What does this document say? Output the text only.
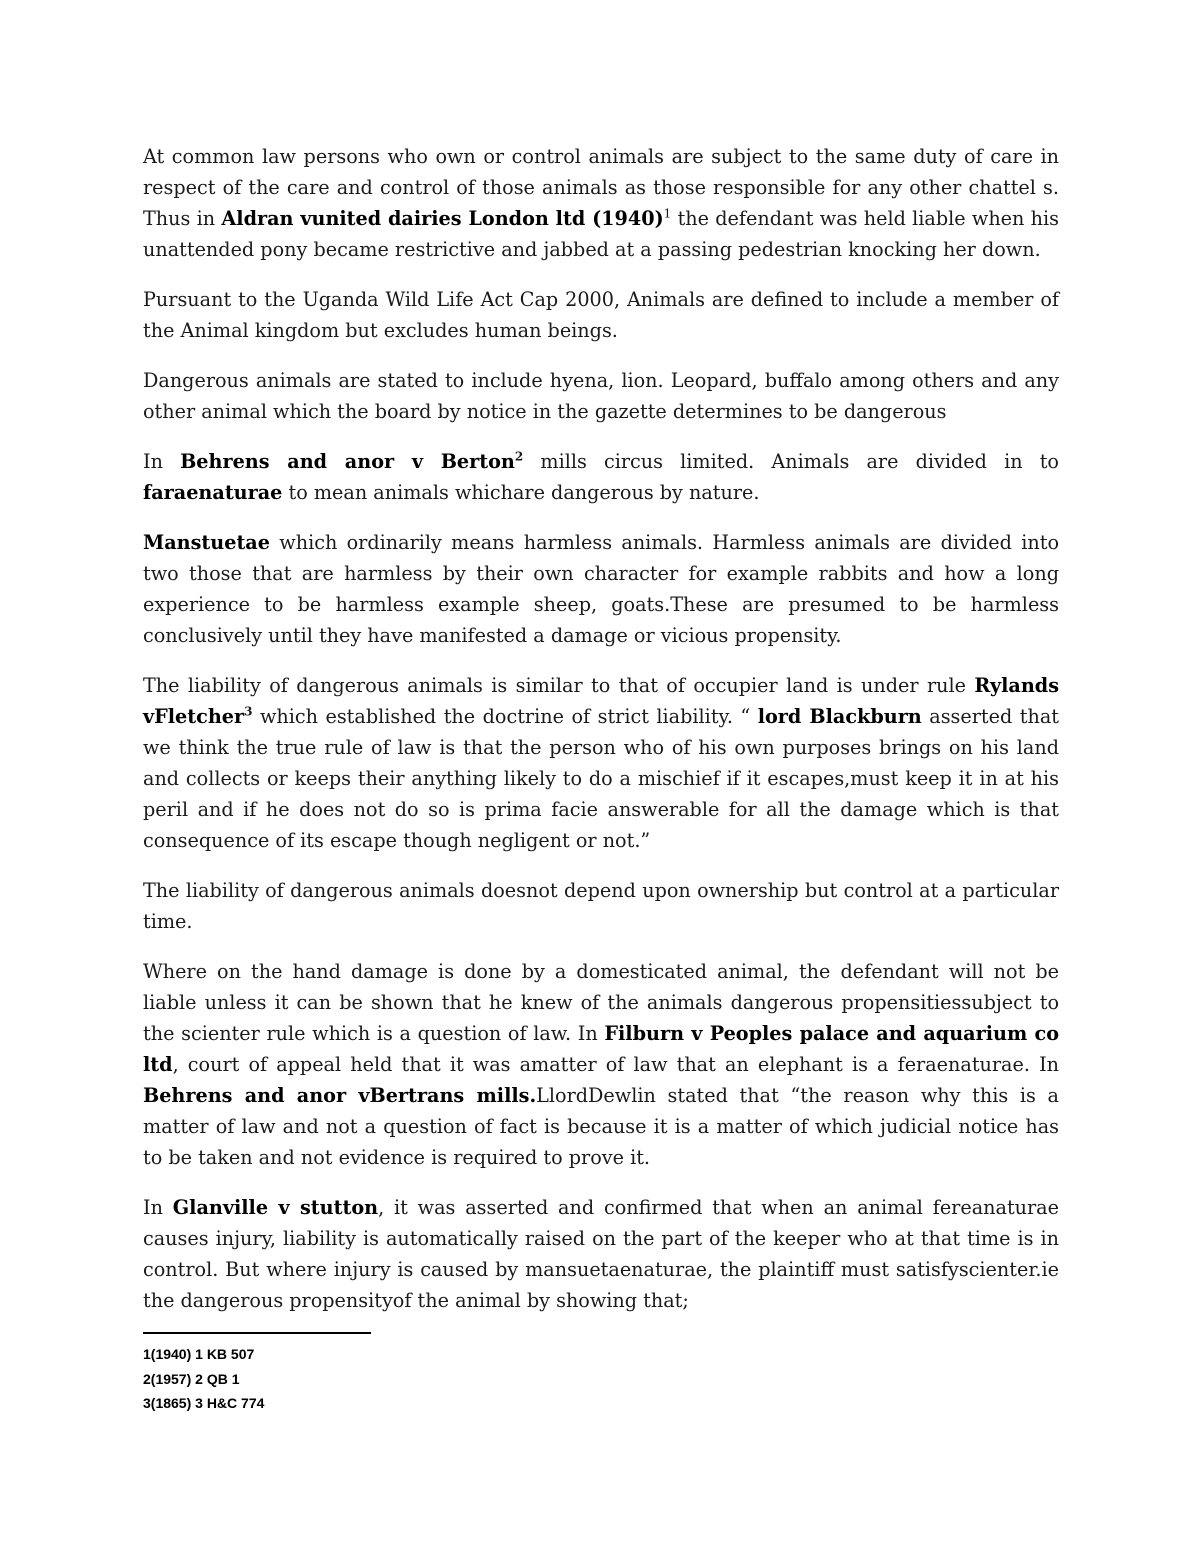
At common law persons who own or control animals are subject to the same duty of care in respect of the care and control of those animals as those responsible for any other chattel s. Thus in Aldran vunited dairies London ltd $(1940)^1$ the defendant was held liable when his unattended pony became restrictive and jabbed at a passing pedestrian knocking her down.

Pursuant to the Uganda Wild Life Act Cap 2000, Animals are defined to include a member of the Animal kingdom but excludes human beings.

Dangerous animals are stated to include hyena, lion. Leopard, buffalo among others and any other animal which the board by notice in the gazette determines to be dangerous

In Behrens and anor v Berton$^2$ mills circus limited. Animals are divided in to faraenaturae to mean animals whichare dangerous by nature.

Manstuetae which ordinarily means harmless animals. Harmless animals are divided into two those that are harmless by their own character for example rabbits and how a long experience to be harmless example sheep, goats.These are presumed to be harmless conclusively until they have manifested a damage or vicious propensity.

The liability of dangerous animals is similar to that of occupier land is under rule Rylands vFletcher$^3$ which established the doctrine of strict liability. “ lord Blackburn asserted that we think the true rule of law is that the person who of his own purposes brings on his land and collects or keeps their anything likely to do a mischief if it escapes,must keep it in at his peril and if he does not do so is prima facie answerable for all the damage which is that consequence of its escape though negligent or not.”

The liability of dangerous animals doesnot depend upon ownership but control at a particular time.

Where on the hand damage is done by a domesticated animal, the defendant will not be liable unless it can be shown that he knew of the animals dangerous propensitiessubject to the scienter rule which is a question of law. In Filburn v Peoples palace and aquarium co ltd, court of appeal held that it was amatter of law that an elephant is a feraenaturae. In Behrens and anor vBertrans mills.LlordDewlin stated that “the reason why this is a matter of law and not a question of fact is because it is a matter of which judicial notice has to be taken and not evidence is required to prove it.

In Glanville v stutton, it was asserted and confirmed that when an animal fereanaturae causes injury, liability is automatically raised on the part of the keeper who at that time is in control. But where injury is caused by mansuetaenaturae, the plaintiff must satisfyscienter.ie the dangerous propensityof the animal by showing that;

1(1940) 1 KB 507
2(1957) 2 QB 1
3(1865) 3 H&C 774
